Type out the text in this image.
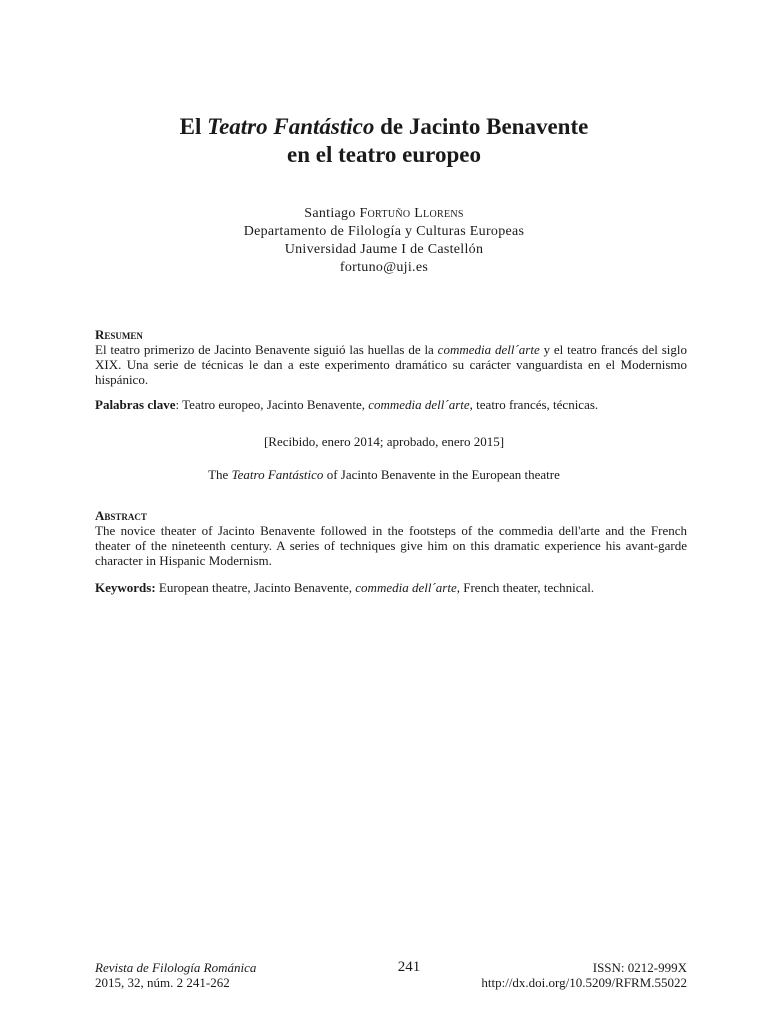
El Teatro Fantástico de Jacinto Benavente
en el teatro europeo
Santiago Fortuño Llorens
Departamento de Filología y Culturas Europeas
Universidad Jaume I de Castellón
fortuno@uji.es
Resumen
El teatro primerizo de Jacinto Benavente siguió las huellas de la commedia dell´arte y el teatro francés del siglo XIX. Una serie de técnicas le dan a este experimento dramático su carácter vanguardista en el Modernismo hispánico.
Palabras clave: Teatro europeo, Jacinto Benavente, commedia dell´arte, teatro francés, técnicas.
[Recibido, enero 2014; aprobado, enero 2015]
The Teatro Fantástico of Jacinto Benavente in the European theatre
Abstract
The novice theater of Jacinto Benavente followed in the footsteps of the commedia dell'arte and the French theater of the nineteenth century. A series of techniques give him on this dramatic experience his avant-garde character in Hispanic Modernism.
Keywords: European theatre, Jacinto Benavente, commedia dell´arte, French theater, technical.
Revista de Filología Románica
2015, 32, núm. 2 241-262
241	ISSN: 0212-999X
http://dx.doi.org/10.5209/RFRM.55022
